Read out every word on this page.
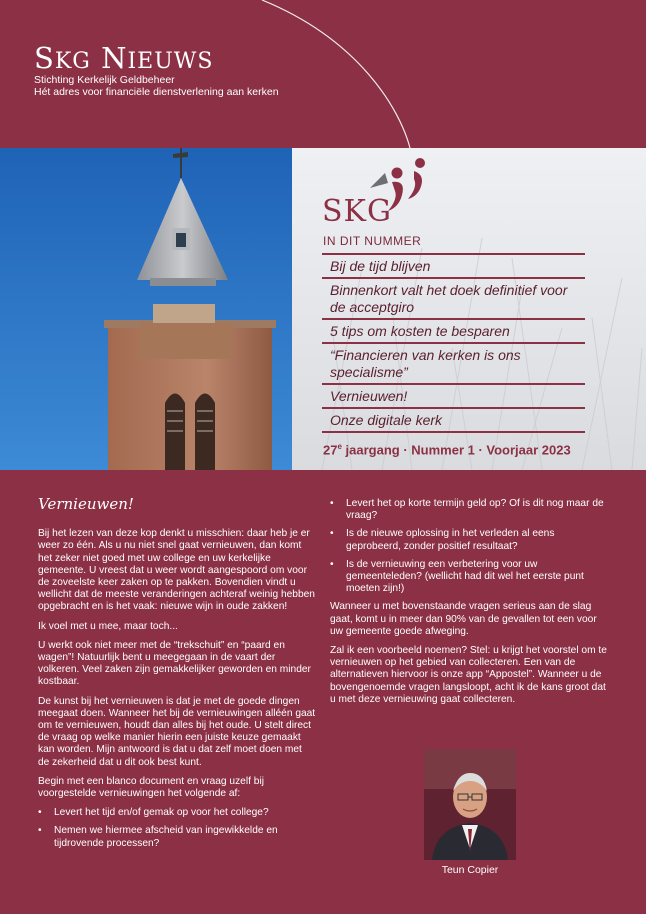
SKG NIEUWS
Stichting Kerkelijk Geldbeheer
Hét adres voor financiële dienstverlening aan kerken
SKG
IN DIT NUMMER
Bij de tijd blijven
Binnenkort valt het doek definitief voor de acceptgiro
5 tips om kosten te besparen
“Financieren van kerken is ons specialisme”
Vernieuwen!
Onze digitale kerk
27e jaargang · Nummer 1 · Voorjaar 2023
Vernieuwen!

Bij het lezen van deze kop denkt u misschien: daar heb je er weer zo één. Als u nu niet snel gaat vernieuwen, dan komt het zeker niet goed met uw college en uw kerkelijke gemeente. U vreest dat u weer wordt aangespoord om voor de zoveelste keer zaken op te pakken. Bovendien vindt u wellicht dat de meeste veranderingen achteraf weinig hebben opgebracht en is het vaak: nieuwe wijn in oude zakken!

Ik voel met u mee, maar toch...

U werkt ook niet meer met de “trekschuit” en “paard en wagen”! Natuurlijk bent u meegegaan in de vaart der volkeren. Veel zaken zijn gemakkelijker geworden en minder kostbaar.

De kunst bij het vernieuwen is dat je met de goede dingen meegaat doen. Wanneer het bij de vernieuwingen alléén gaat om te vernieuwen, houdt dan alles bij het oude. U stelt direct de vraag op welke manier hierin een juiste keuze gemaakt kan worden. Mijn antwoord is dat u dat zelf moet doen met de zekerheid dat u dit ook best kunt.

Begin met een blanco document en vraag uzelf bij voorgestelde vernieuwingen het volgende af:

• Levert het tijd en/of gemak op voor het college?
• Nemen we hiermee afscheid van ingewikkelde en tijdrovende processen?
• Levert het op korte termijn geld op? Of is dit nog maar de vraag?
• Is de nieuwe oplossing in het verleden al eens geprobeerd, zonder positief resultaat?
• Is de vernieuwing een verbetering voor uw gemeenteleden? (wellicht had dit wel het eerste punt moeten zijn!)

Wanneer u met bovenstaande vragen serieus aan de slag gaat, komt u in meer dan 90% van de gevallen tot een voor uw gemeente goede afweging.

Zal ik een voorbeeld noemen? Stel: u krijgt het voorstel om te vernieuwen op het gebied van collecteren. Een van de alternatieven hiervoor is onze app “Appostel”. Wanneer u de bovengenoemde vragen langsloopt, acht ik de kans groot dat u met deze vernieuwing gaat collecteren.

Teun Copier
